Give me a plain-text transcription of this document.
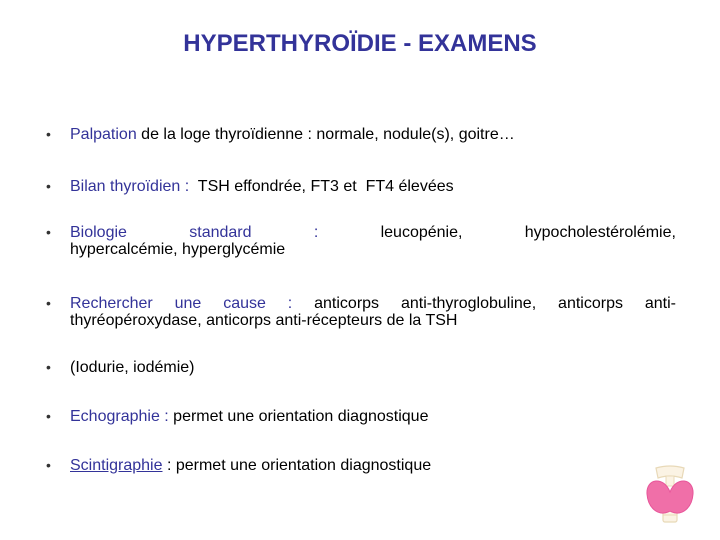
HYPERTHYROÏDIE - EXAMENS
• Palpation de la loge thyroïdienne : normale, nodule(s), goitre…
• Bilan thyroïdien :  TSH effondrée, FT3 et  FT4 élevées
• Biologie	standard	:	leucopénie,	hypocholestérolémie,
hypercalcémie, hyperglycémie
• Rechercher une cause : anticorps anti-thyroglobuline, anticorps anti-thyréopéroxydase, anticorps anti-récepteurs de la TSH
• (Iodurie, iodémie)
• Echographie : permet une orientation diagnostique
• Scintigraphie : permet une orientation diagnostique
